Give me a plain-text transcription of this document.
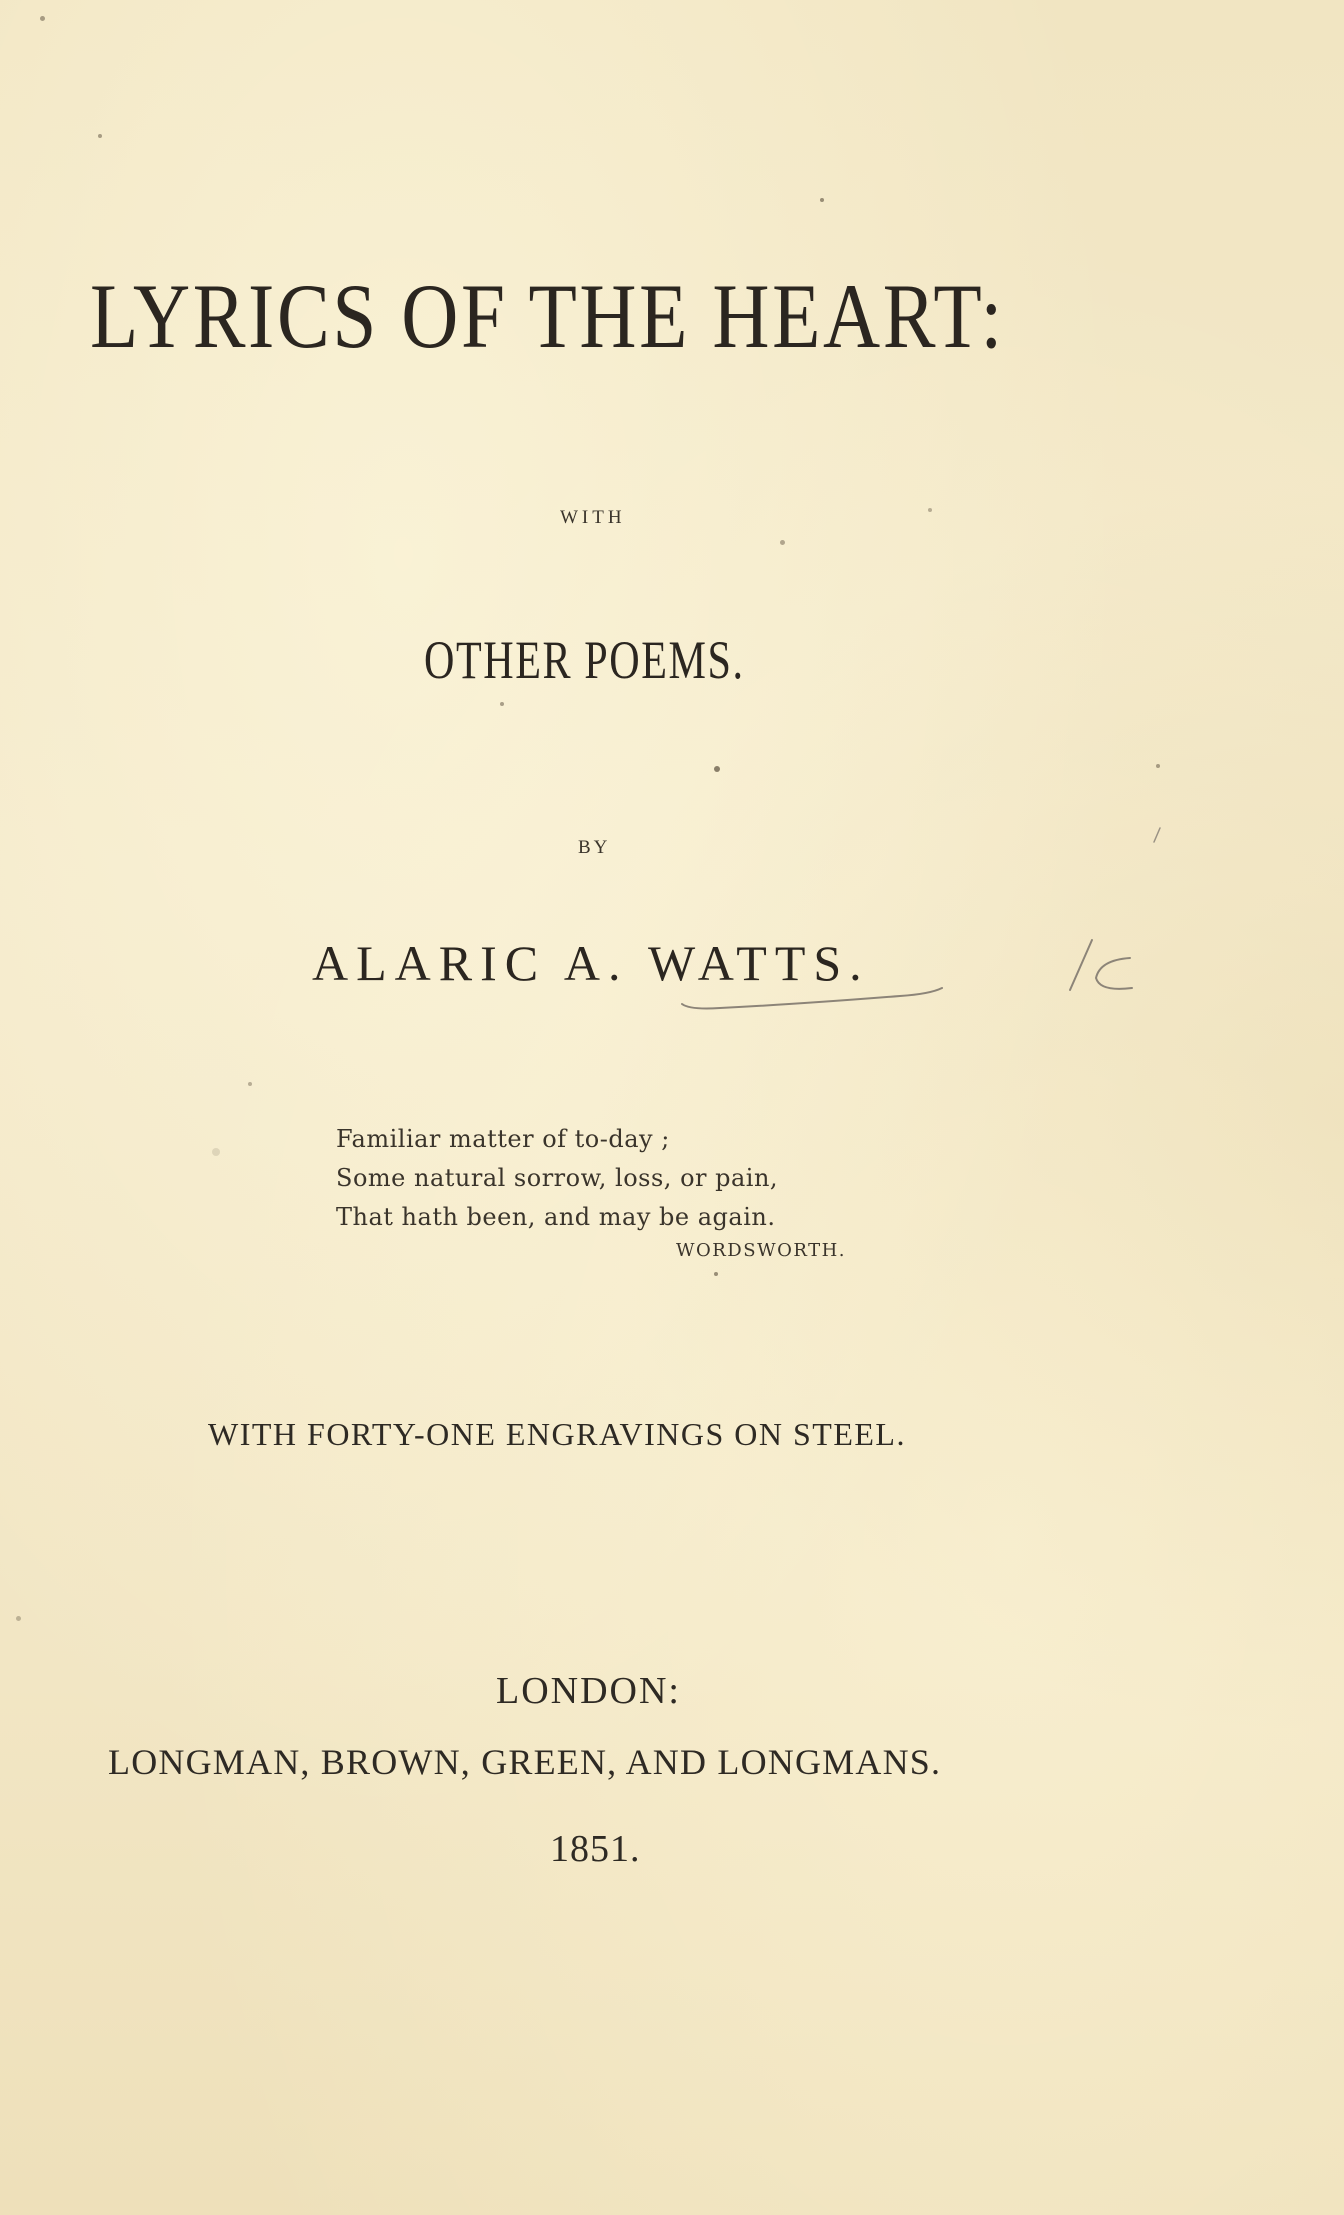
LYRICS OF THE HEART:
WITH
OTHER POEMS.
BY
ALARIC A. WATTS.
Familiar matter of to-day ;
Some natural sorrow, loss, or pain,
That hath been, and may be again.
WORDSWORTH.
WITH FORTY-ONE ENGRAVINGS ON STEEL.
LONDON:
LONGMAN, BROWN, GREEN, AND LONGMANS.
1851.
